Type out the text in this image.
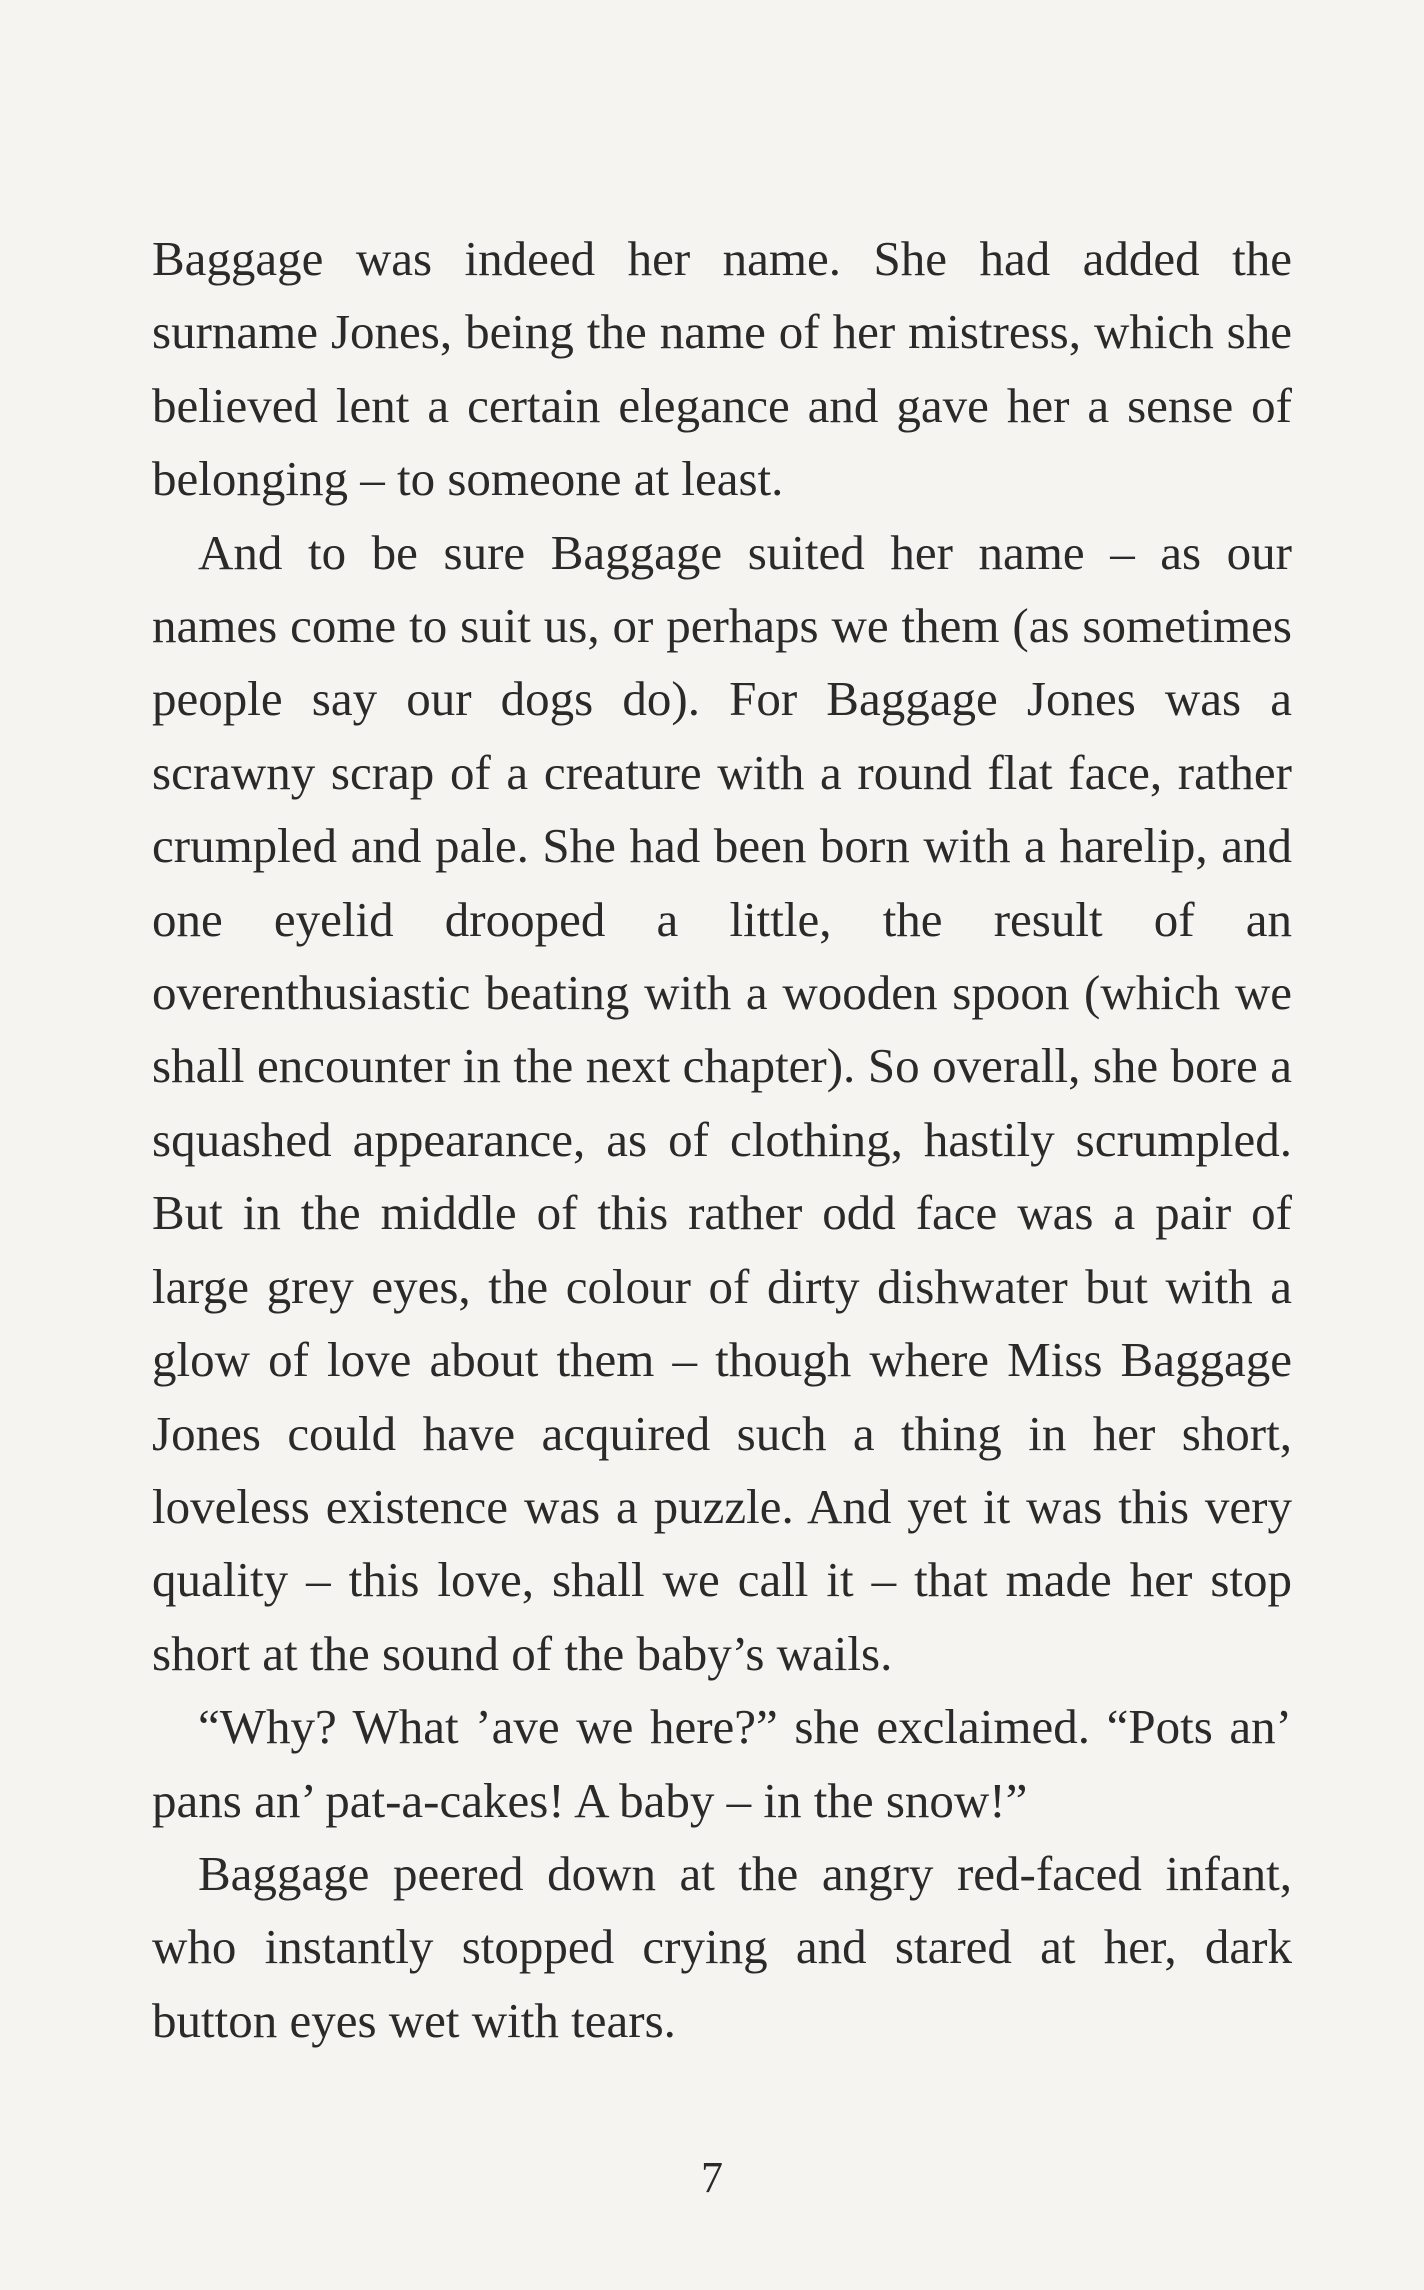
Baggage was indeed her name. She had added the surname Jones, being the name of her mistress, which she believed lent a certain elegance and gave her a sense of belonging – to someone at least.

And to be sure Baggage suited her name – as our names come to suit us, or perhaps we them (as sometimes people say our dogs do). For Baggage Jones was a scrawny scrap of a creature with a round flat face, rather crumpled and pale. She had been born with a harelip, and one eyelid drooped a little, the result of an overenthusiastic beating with a wooden spoon (which we shall encounter in the next chapter). So overall, she bore a squashed appearance, as of clothing, hastily scrumpled. But in the middle of this rather odd face was a pair of large grey eyes, the colour of dirty dishwater but with a glow of love about them – though where Miss Baggage Jones could have acquired such a thing in her short, loveless existence was a puzzle. And yet it was this very quality – this love, shall we call it – that made her stop short at the sound of the baby’s wails.

“Why? What ’ave we here?” she exclaimed. “Pots an’ pans an’ pat-a-cakes! A baby – in the snow!”

Baggage peered down at the angry red-faced infant, who instantly stopped crying and stared at her, dark button eyes wet with tears.

7
